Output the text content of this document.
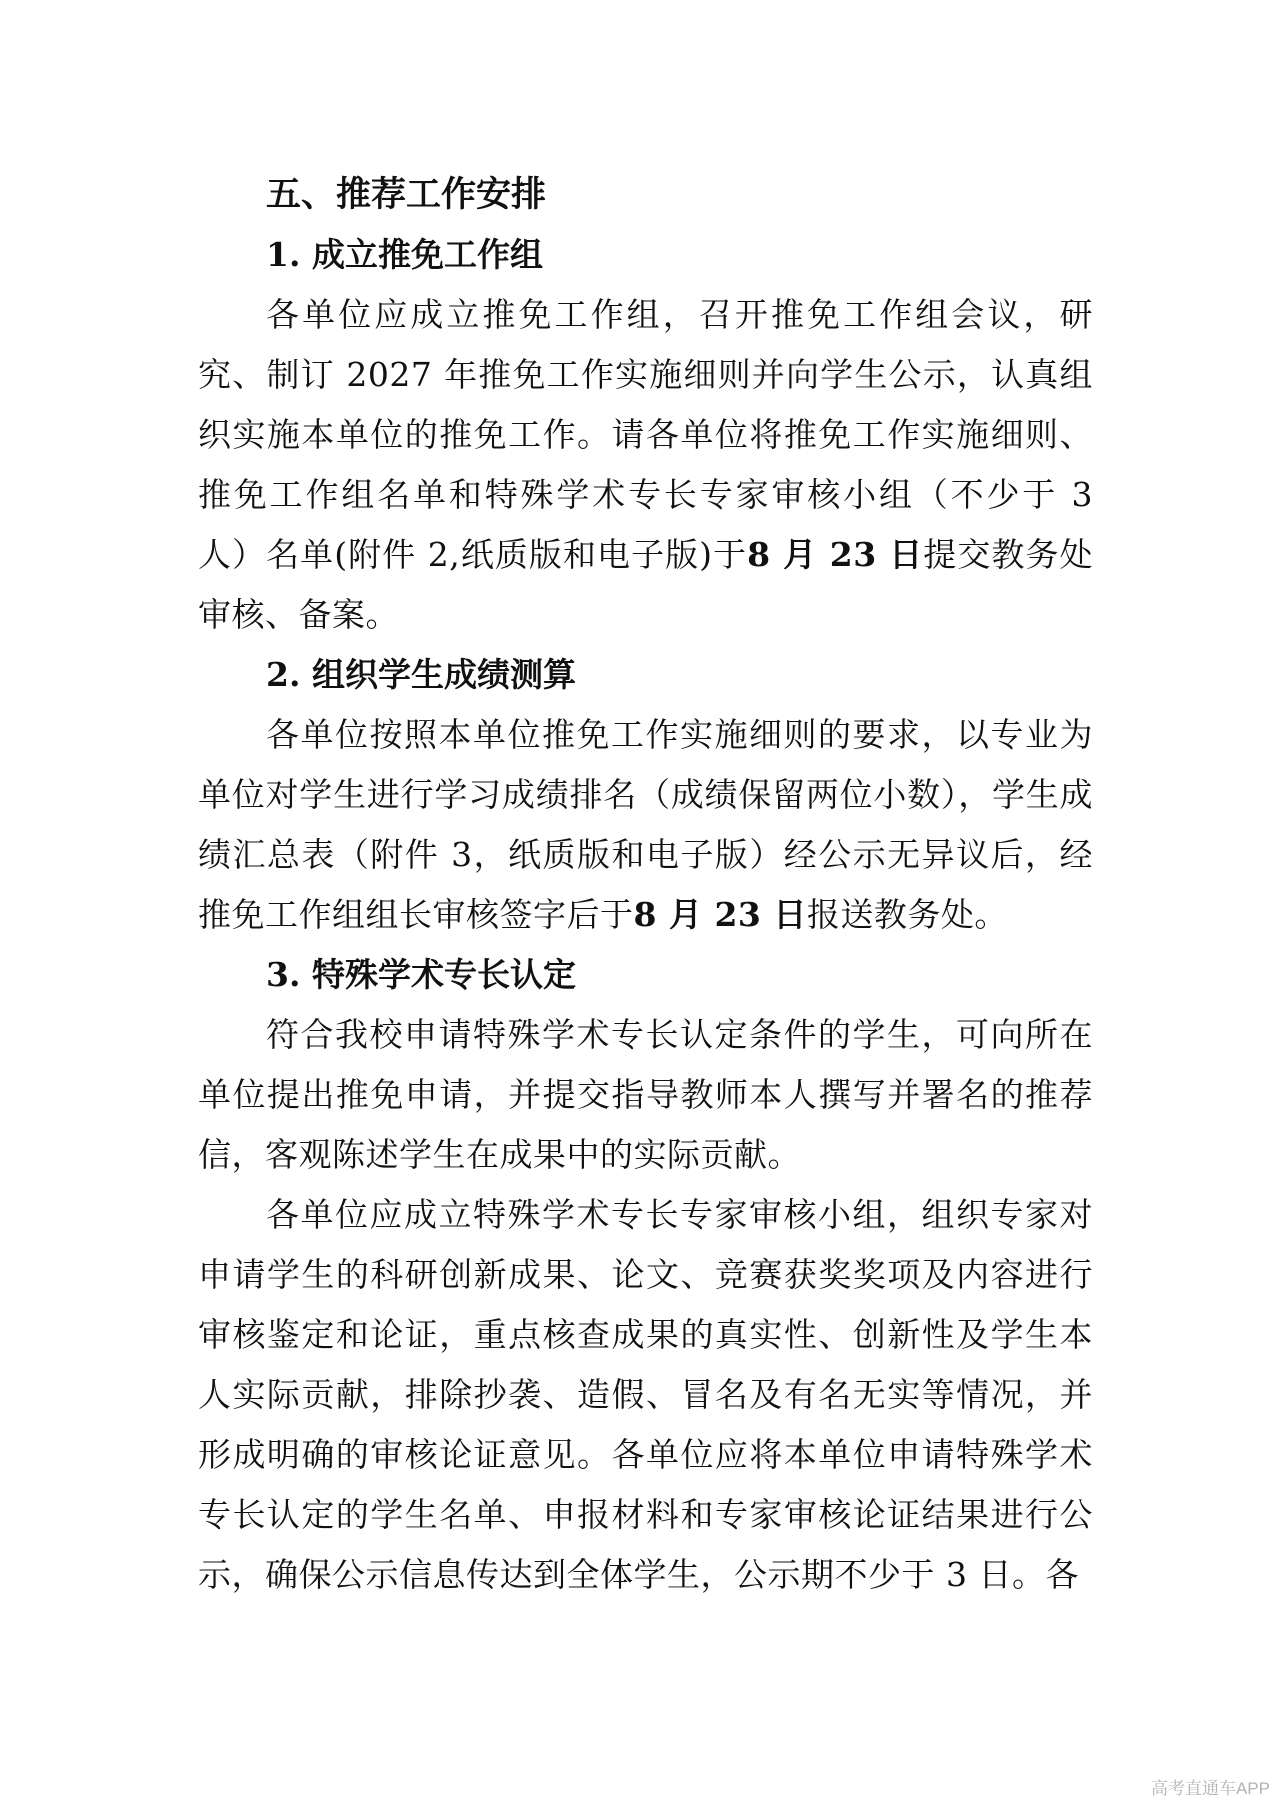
五、推荐工作安排
1. 成立推免工作组

各单位应成立推免工作组，召开推免工作组会议，研究、制订 2027 年推免工作实施细则并向学生公示，认真组织实施本单位的推免工作。请各单位将推免工作实施细则、推免工作组名单和特殊学术专长专家审核小组（不少于 3 人）名单(附件 2,纸质版和电子版)于8 月 23 日提交教务处审核、备案。

2. 组织学生成绩测算

各单位按照本单位推免工作实施细则的要求，以专业为单位对学生进行学习成绩排名（成绩保留两位小数），学生成绩汇总表（附件 3，纸质版和电子版）经公示无异议后，经推免工作组组长审核签字后于8 月 23 日报送教务处。

3. 特殊学术专长认定

符合我校申请特殊学术专长认定条件的学生，可向所在单位提出推免申请，并提交指导教师本人撰写并署名的推荐信，客观陈述学生在成果中的实际贡献。

各单位应成立特殊学术专长专家审核小组，组织专家对申请学生的科研创新成果、论文、竞赛获奖奖项及内容进行审核鉴定和论证，重点核查成果的真实性、创新性及学生本人实际贡献，排除抄袭、造假、冒名及有名无实等情况，并形成明确的审核论证意见。各单位应将本单位申请特殊学术专长认定的学生名单、申报材料和专家审核论证结果进行公示，确保公示信息传达到全体学生，公示期不少于 3 日。各

高考直通车APP
